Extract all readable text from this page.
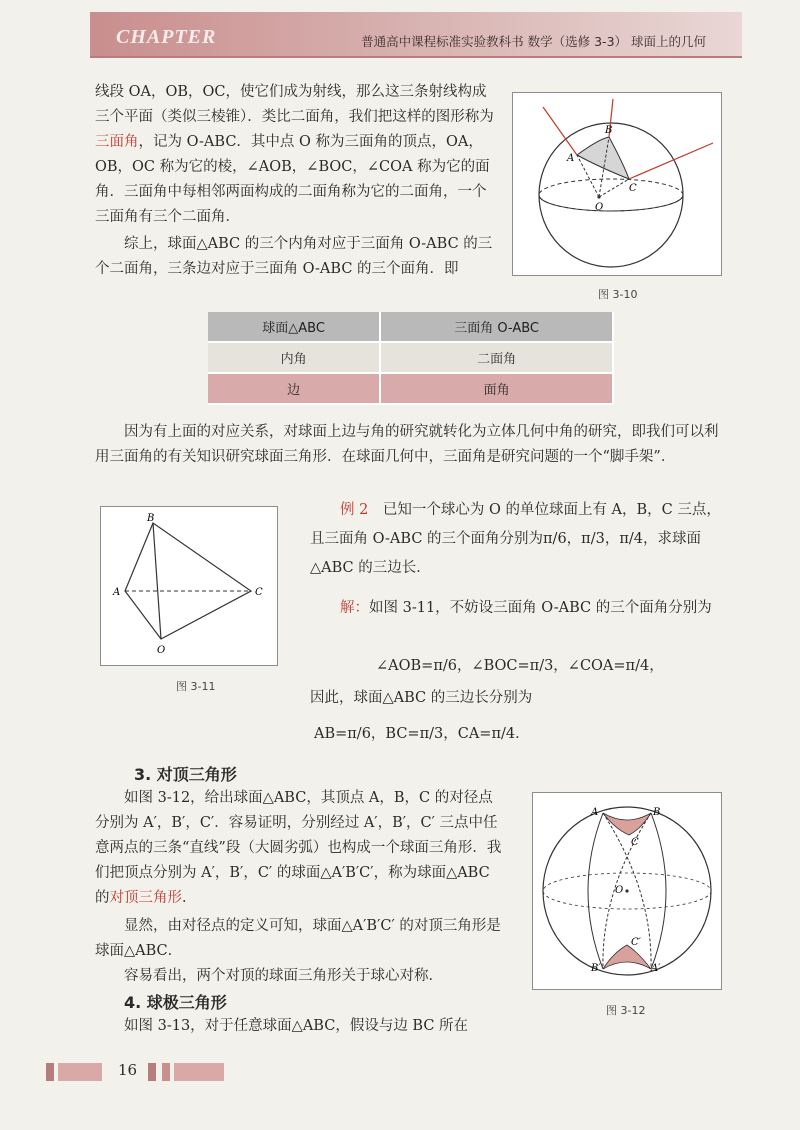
CHAPTER	普通高中课程标准实验教科书 数学（选修 3-3） 球面上的几何

线段 OA，OB，OC，使它们成为射线，那么这三条射线构成三个平面（类似三棱锥）．类比二面角，我们把这样的图形称为三面角，记为 O-ABC．其中点 O 称为三面角的顶点，OA，OB，OC 称为它的棱，∠AOB，∠BOC，∠COA 称为它的面角．三面角中每相邻两面构成的二面角称为它的二面角，一个三面角有三个二面角．

综上，球面△ABC 的三个内角对应于三面角 O-ABC 的三个二面角，三条边对应于三面角 O-ABC 的三个面角．即

A
B
C
O
图 3-10
球面△ABC	三面角 O-ABC
内角	二面角
边	面角

因为有上面的对应关系，对球面上边与角的研究就转化为立体几何中角的研究，即我们可以利用三面角的有关知识研究球面三角形．在球面几何中，三面角是研究问题的一个“脚手架”．

B
A	C
O
图 3-11

例 2　 已知一个球心为 O 的单位球面上有 A，B，C 三点，且三面角 O-ABC 的三个面角分别为π/6，π/3，π/4，求球面△ABC 的三边长．

解：如图 3-11，不妨设三面角 O-ABC 的三个面角分别为

∠AOB=π/6，∠BOC=π/3，∠COA=π/4，

因此，球面△ABC 的三边长分别为

AB=π/6，BC=π/3，CA=π/4．
3. 对顶三角形

如图 3-12，给出球面△ABC，其顶点 A，B，C 的对径点分别为 A′，B′，C′．容易证明，分别经过 A′，B′，C′ 三点中任意两点的三条“直线”段（大圆劣弧）也构成一个球面三角形．我们把顶点分别为 A′，B′，C′ 的球面△A′B′C′，称为球面△ABC 的对顶三角形．

显然，由对径点的定义可知，球面△A′B′C′ 的对顶三角形是球面△ABC．

容易看出，两个对顶的球面三角形关于球心对称．

A	B
C
O
C′
B′	A′
图 3-12
4. 球极三角形

如图 3-13，对于任意球面△ABC，假设与边 BC 所在

16
